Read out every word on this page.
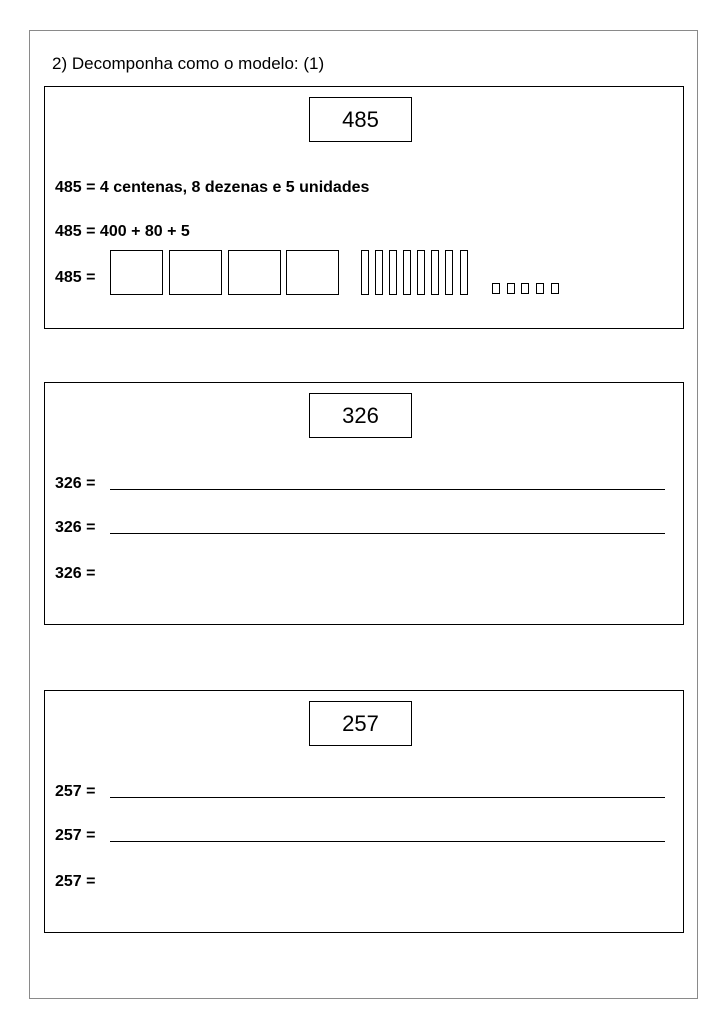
2) Decomponha como o modelo: (1)
485
485 = 4 centenas, 8 dezenas e 5 unidades
485 = 400 + 80 + 5
485 =
326
326 =
326 =
326 =
257
257 =
257 =
257 =
